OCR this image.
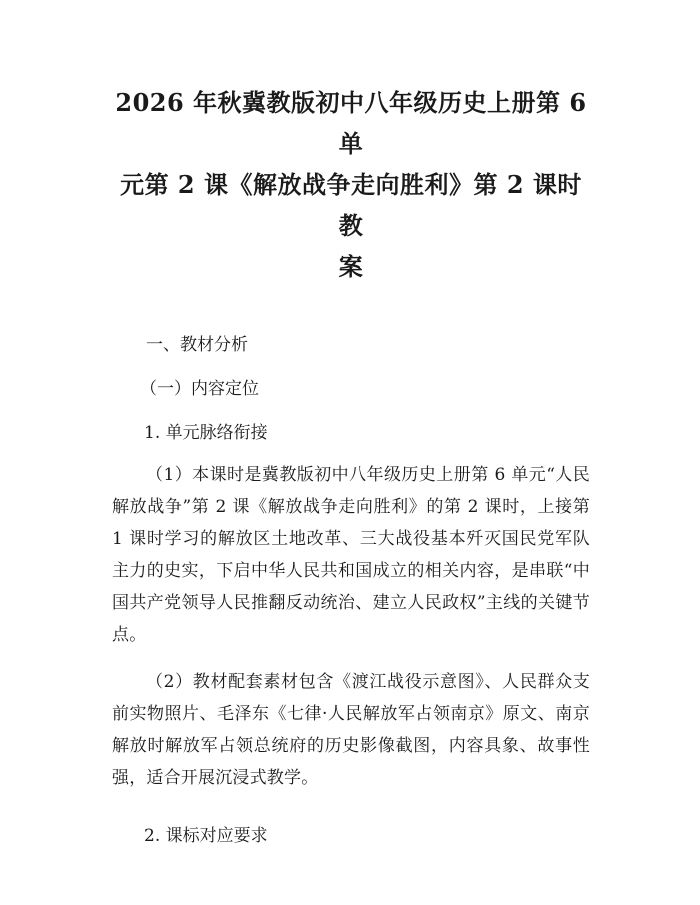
2026 年秋冀教版初中八年级历史上册第 6 单
元第 2 课《解放战争走向胜利》第 2 课时教
案

一、教材分析

（一）内容定位

1. 单元脉络衔接

（1）本课时是冀教版初中八年级历史上册第 6 单元“人民解放战争”第 2 课《解放战争走向胜利》的第 2 课时，上接第 1 课时学习的解放区土地改革、三大战役基本歼灭国民党军队主力的史实，下启中华人民共和国成立的相关内容，是串联“中国共产党领导人民推翻反动统治、建立人民政权”主线的关键节点。

（2）教材配套素材包含《渡江战役示意图》、人民群众支前实物照片、毛泽东《七律·人民解放军占领南京》原文、南京解放时解放军占领总统府的历史影像截图，内容具象、故事性强，适合开展沉浸式教学。

2. 课标对应要求
